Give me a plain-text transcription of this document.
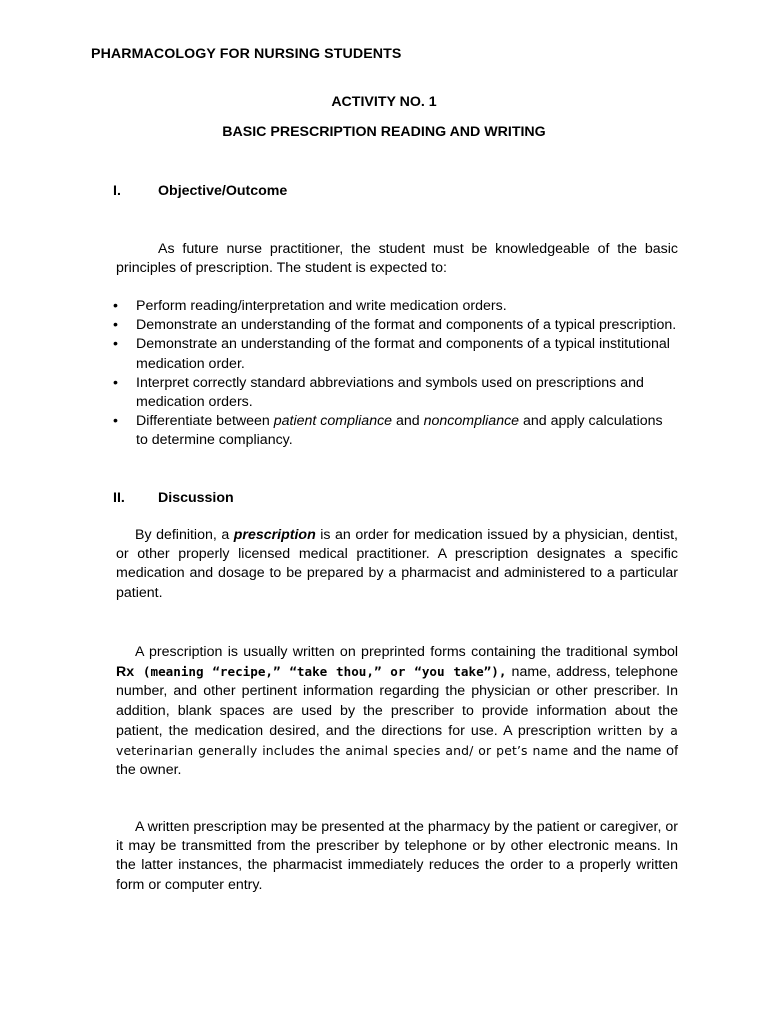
PHARMACOLOGY FOR NURSING STUDENTS
ACTIVITY NO. 1
BASIC PRESCRIPTION READING AND WRITING
I.	Objective/Outcome

As future nurse practitioner, the student must be knowledgeable of the basic principles of prescription. The student is expected to:

• Perform reading/interpretation and write medication orders.
• Demonstrate an understanding of the format and components of a typical prescription.
• Demonstrate an understanding of the format and components of a typical institutional medication order.
• Interpret correctly standard abbreviations and symbols used on prescriptions and medication orders.
• Differentiate between patient compliance and noncompliance and apply calculations to determine compliancy.
II. Discussion

By definition, a prescription is an order for medication issued by a physician, dentist, or other properly licensed medical practitioner. A prescription designates a specific medication and dosage to be prepared by a pharmacist and administered to a particular patient.

A prescription is usually written on preprinted forms containing the traditional symbol Rx (meaning “recipe,” “take thou,” or “you take”), name, address, telephone number, and other pertinent information regarding the physician or other prescriber. In addition, blank spaces are used by the prescriber to provide information about the patient, the medication desired, and the directions for use. A prescription written by a veterinarian generally includes the animal species and/ or pet’s name and the name of the owner.

A written prescription may be presented at the pharmacy by the patient or caregiver, or it may be transmitted from the prescriber by telephone or by other electronic means. In the latter instances, the pharmacist immediately reduces the order to a properly written form or computer entry.
